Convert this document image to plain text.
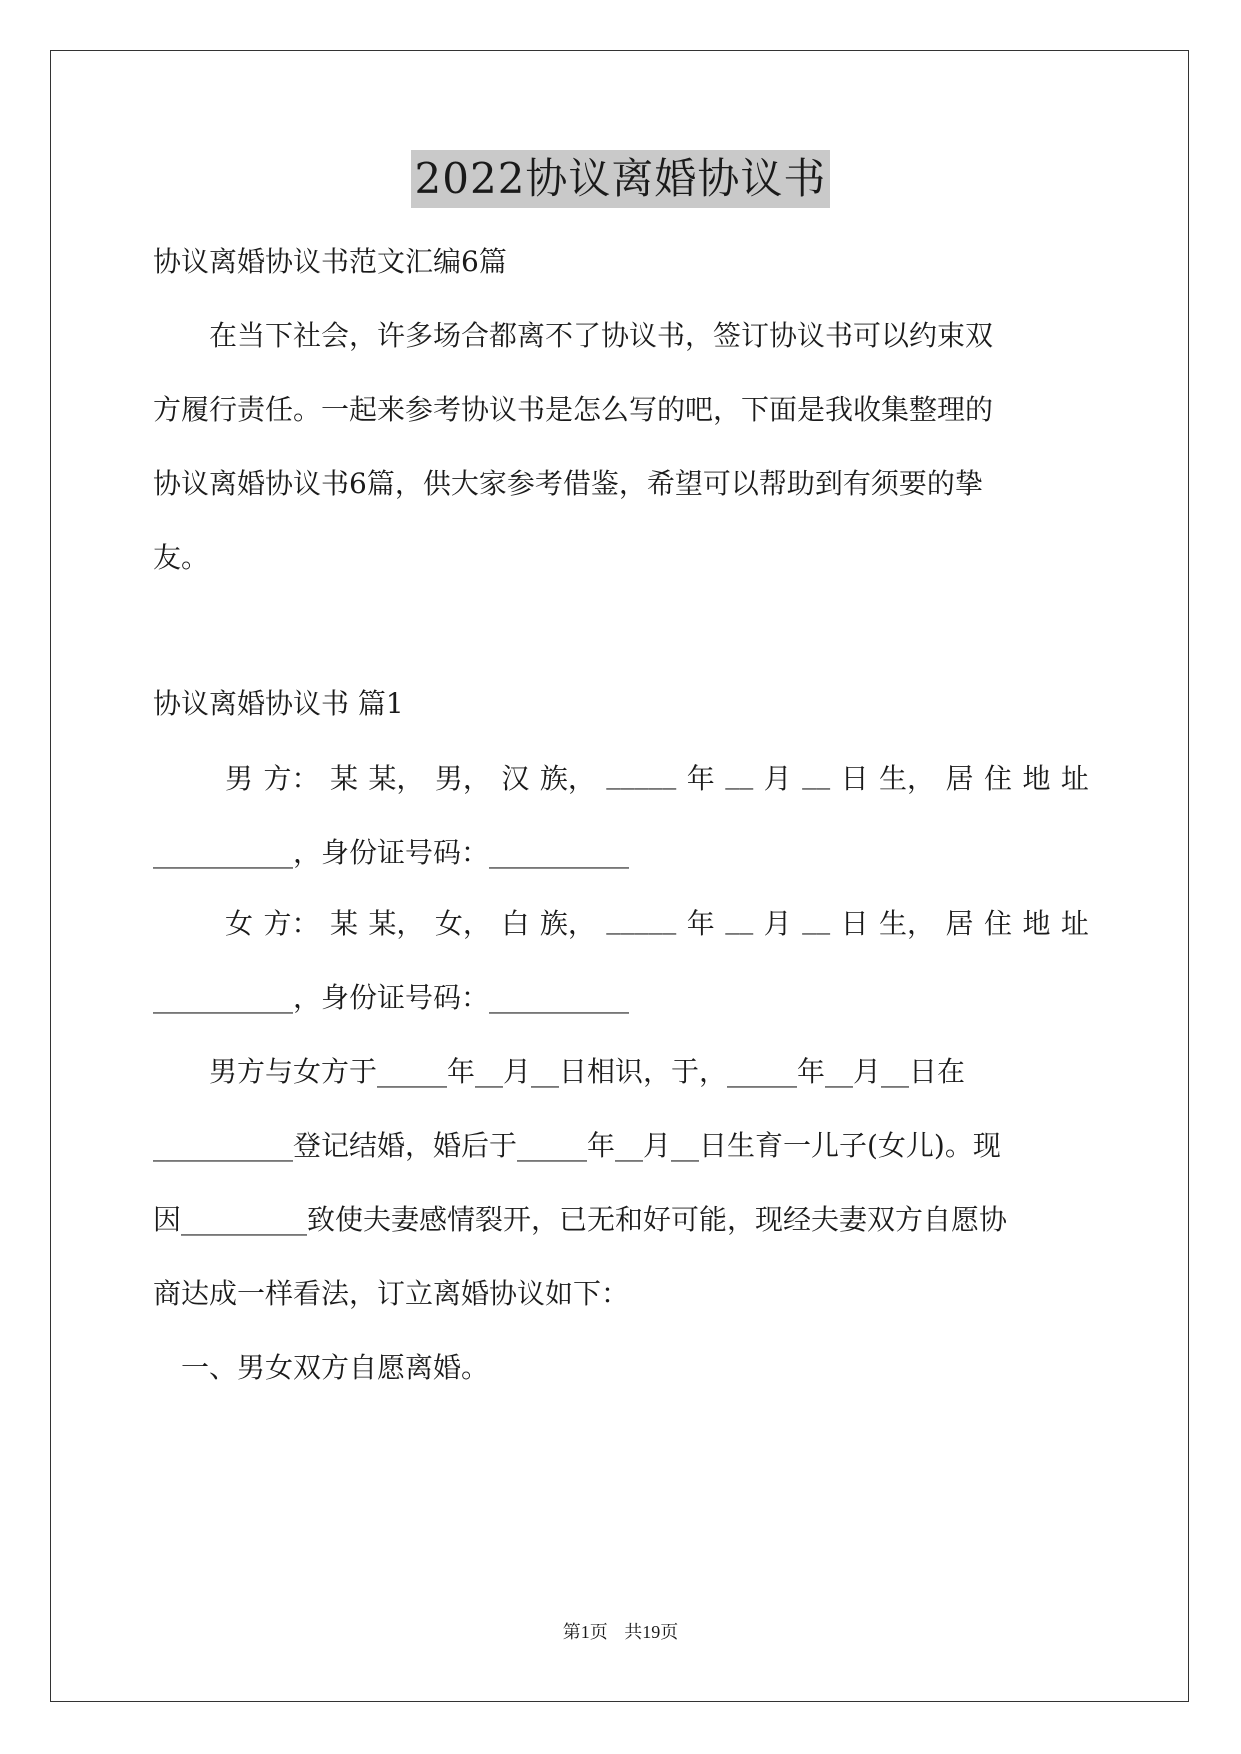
2022协议离婚协议书
协议离婚协议书范文汇编6篇
在当下社会，许多场合都离不了协议书，签订协议书可以约束双
方履行责任。一起来参考协议书是怎么写的吧，下面是我收集整理的
协议离婚协议书6篇，供大家参考借鉴，希望可以帮助到有须要的挚
友。
协议离婚协议书 篇1
男 方： 某 某， 男， 汉 族， _____ 年 __ 月 __ 日 生， 居 住 地 址
__________，身份证号码：__________
女 方： 某 某， 女， 白 族， _____ 年 __ 月 __ 日 生， 居 住 地 址
__________，身份证号码：__________
男方与女方于_____年__月__日相识，于，_____年__月__日在
__________登记结婚，婚后于_____年__月__日生育一儿子(女儿)。现
因_________致使夫妻感情裂开，已无和好可能，现经夫妻双方自愿协
商达成一样看法，订立离婚协议如下：
一、男女双方自愿离婚。
第1页 共19页
